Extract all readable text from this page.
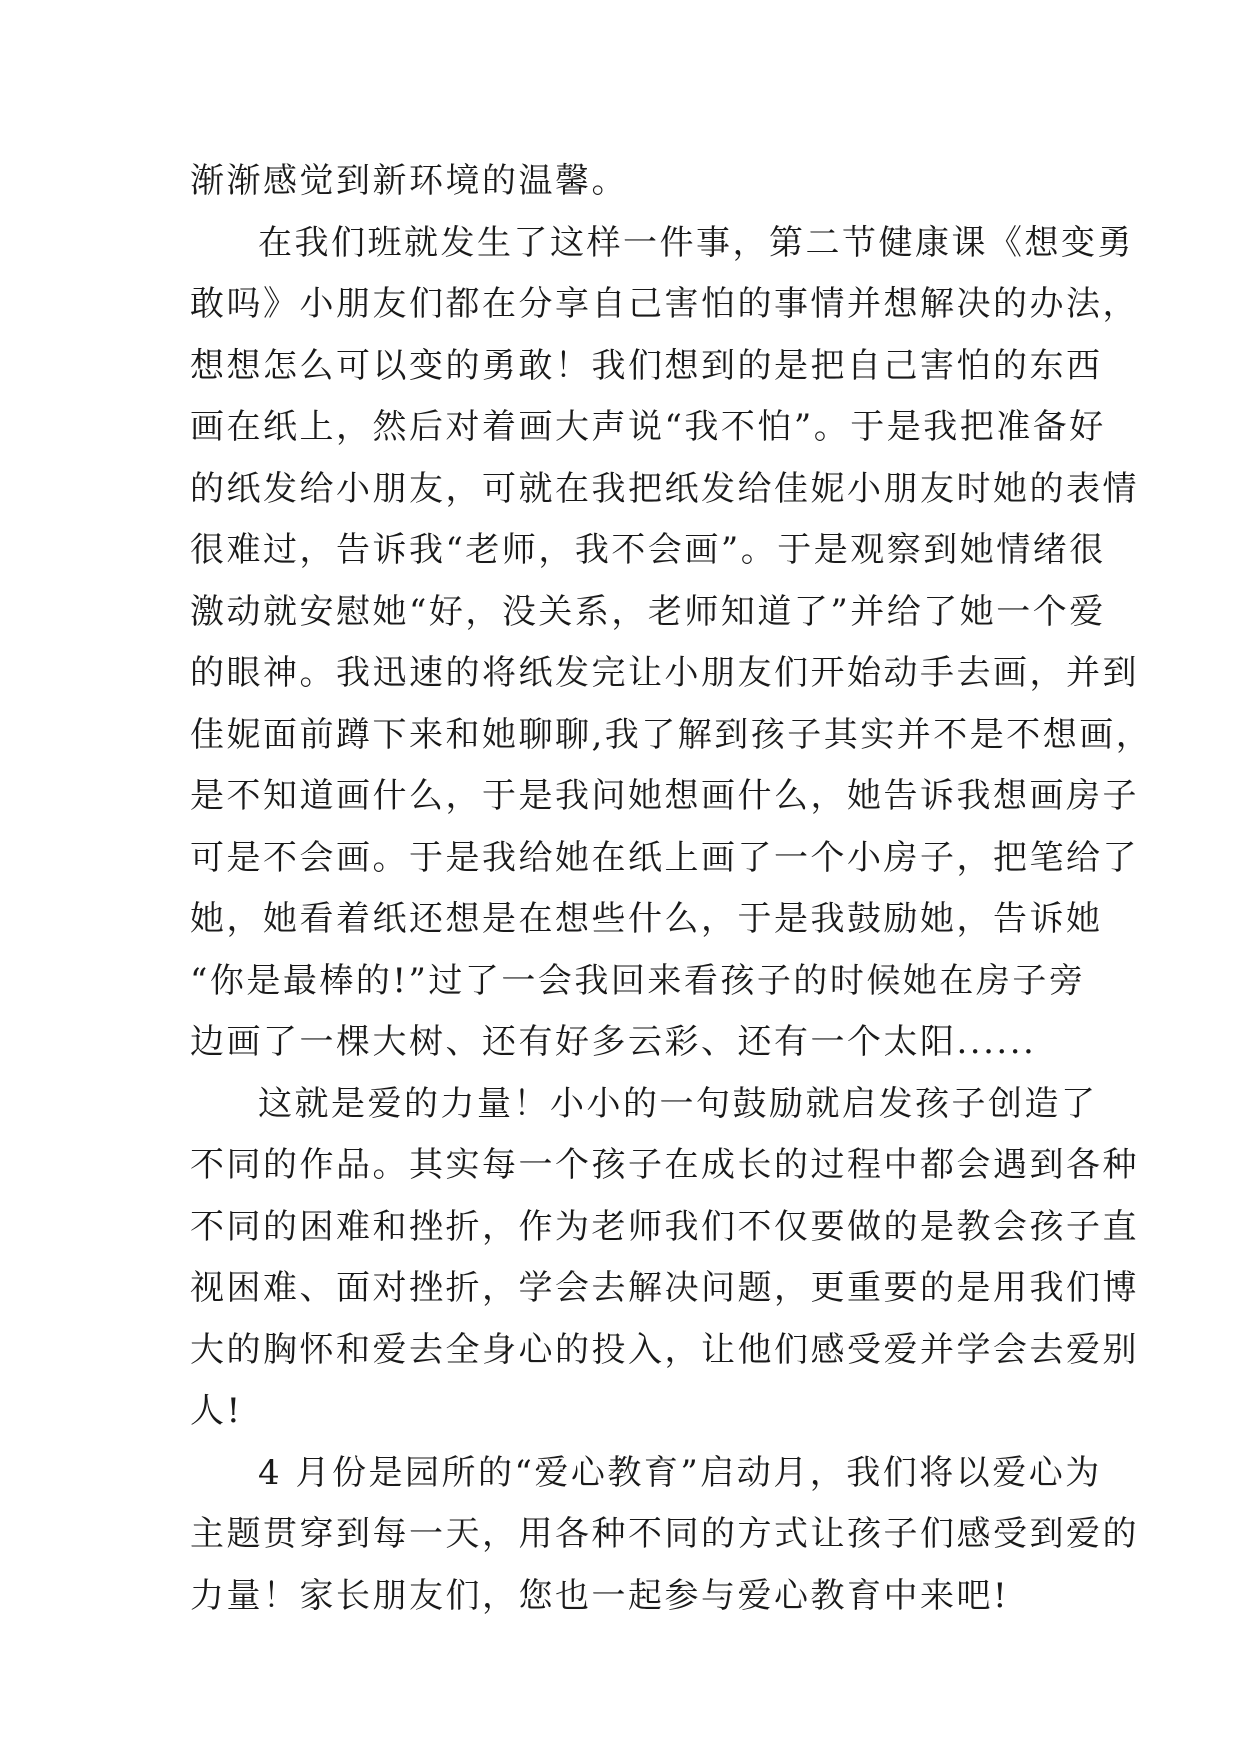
渐渐感觉到新环境的温馨。

在我们班就发生了这样一件事，第二节健康课《想变勇
敢吗》小朋友们都在分享自己害怕的事情并想解决的办法，
想想怎么可以变的勇敢！我们想到的是把自己害怕的东西
画在纸上，然后对着画大声说“我不怕”。于是我把准备好
的纸发给小朋友，可就在我把纸发给佳妮小朋友时她的表情
很难过，告诉我“老师，我不会画”。于是观察到她情绪很
激动就安慰她“好，没关系，老师知道了”并给了她一个爱
的眼神。我迅速的将纸发完让小朋友们开始动手去画，并到
佳妮面前蹲下来和她聊聊,我了解到孩子其实并不是不想画，
是不知道画什么，于是我问她想画什么，她告诉我想画房子
可是不会画。于是我给她在纸上画了一个小房子，把笔给了
她，她看着纸还想是在想些什么，于是我鼓励她，告诉她
“你是最棒的!”过了一会我回来看孩子的时候她在房子旁
边画了一棵大树、还有好多云彩、还有一个太阳......

这就是爱的力量！小小的一句鼓励就启发孩子创造了
不同的作品。其实每一个孩子在成长的过程中都会遇到各种
不同的困难和挫折，作为老师我们不仅要做的是教会孩子直
视困难、面对挫折，学会去解决问题，更重要的是用我们博
大的胸怀和爱去全身心的投入，让他们感受爱并学会去爱别
人!

4 月份是园所的“爱心教育”启动月，我们将以爱心为
主题贯穿到每一天，用各种不同的方式让孩子们感受到爱的
力量！家长朋友们，您也一起参与爱心教育中来吧!
